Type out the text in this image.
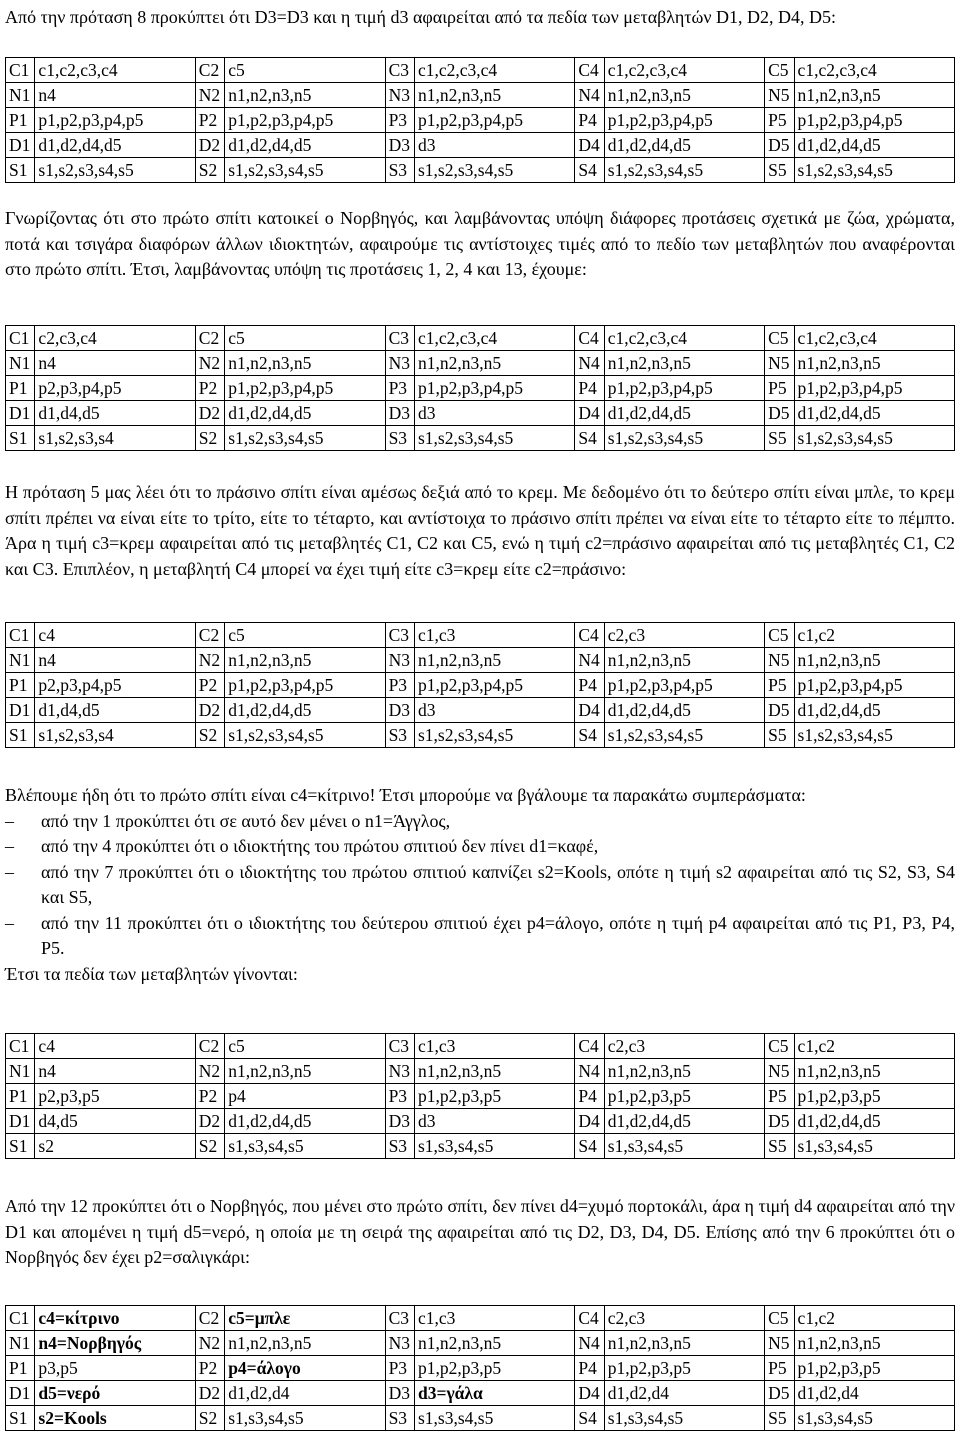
Από την πρόταση 8 προκύπτει ότι D3=D3 και η τιμή d3 αφαιρείται από τα πεδία των μεταβλητών D1, D2, D4, D5:

C1	c1,c2,c3,c4	C2	c5	C3	c1,c2,c3,c4	C4	c1,c2,c3,c4	C5	c1,c2,c3,c4
N1	n4	N2	n1,n2,n3,n5	N3	n1,n2,n3,n5	N4	n1,n2,n3,n5	N5	n1,n2,n3,n5
P1	p1,p2,p3,p4,p5	P2	p1,p2,p3,p4,p5	P3	p1,p2,p3,p4,p5	P4	p1,p2,p3,p4,p5	P5	p1,p2,p3,p4,p5
D1	d1,d2,d4,d5	D2	d1,d2,d4,d5	D3	d3	D4	d1,d2,d4,d5	D5	d1,d2,d4,d5
S1	s1,s2,s3,s4,s5	S2	s1,s2,s3,s4,s5	S3	s1,s2,s3,s4,s5	S4	s1,s2,s3,s4,s5	S5	s1,s2,s3,s4,s5

Γνωρίζοντας ότι στο πρώτο σπίτι κατοικεί ο Νορβηγός, και λαμβάνοντας υπόψη διάφορες προτάσεις σχετικά με ζώα, χρώματα, ποτά και τσιγάρα διαφόρων άλλων ιδιοκτητών, αφαιρούμε τις αντίστοιχες τιμές από το πεδίο των μεταβλητών που αναφέρονται στο πρώτο σπίτι. Έτσι, λαμβάνοντας υπόψη τις προτάσεις 1, 2, 4 και 13, έχουμε:

C1	c2,c3,c4	C2	c5	C3	c1,c2,c3,c4	C4	c1,c2,c3,c4	C5	c1,c2,c3,c4
N1	n4	N2	n1,n2,n3,n5	N3	n1,n2,n3,n5	N4	n1,n2,n3,n5	N5	n1,n2,n3,n5
P1	p2,p3,p4,p5	P2	p1,p2,p3,p4,p5	P3	p1,p2,p3,p4,p5	P4	p1,p2,p3,p4,p5	P5	p1,p2,p3,p4,p5
D1	d1,d4,d5	D2	d1,d2,d4,d5	D3	d3	D4	d1,d2,d4,d5	D5	d1,d2,d4,d5
S1	s1,s2,s3,s4	S2	s1,s2,s3,s4,s5	S3	s1,s2,s3,s4,s5	S4	s1,s2,s3,s4,s5	S5	s1,s2,s3,s4,s5

Η πρόταση 5 μας λέει ότι το πράσινο σπίτι είναι αμέσως δεξιά από το κρεμ. Με δεδομένο ότι το δεύτερο σπίτι είναι μπλε, το κρεμ σπίτι πρέπει να είναι είτε το τρίτο, είτε το τέταρτο, και αντίστοιχα το πράσινο σπίτι πρέπει να είναι είτε το τέταρτο είτε το πέμπτο. Άρα η τιμή c3=κρεμ αφαιρείται από τις μεταβλητές C1, C2 και C5, ενώ η τιμή c2=πράσινο αφαιρείται από τις μεταβλητές C1, C2 και C3. Επιπλέον, η μεταβλητή C4 μπορεί να έχει τιμή είτε c3=κρεμ είτε c2=πράσινο:

C1	c4	C2	c5	C3	c1,c3	C4	c2,c3	C5	c1,c2
N1	n4	N2	n1,n2,n3,n5	N3	n1,n2,n3,n5	N4	n1,n2,n3,n5	N5	n1,n2,n3,n5
P1	p2,p3,p4,p5	P2	p1,p2,p3,p4,p5	P3	p1,p2,p3,p4,p5	P4	p1,p2,p3,p4,p5	P5	p1,p2,p3,p4,p5
D1	d1,d4,d5	D2	d1,d2,d4,d5	D3	d3	D4	d1,d2,d4,d5	D5	d1,d2,d4,d5
S1	s1,s2,s3,s4	S2	s1,s2,s3,s4,s5	S3	s1,s2,s3,s4,s5	S4	s1,s2,s3,s4,s5	S5	s1,s2,s3,s4,s5

Βλέπουμε ήδη ότι το πρώτο σπίτι είναι c4=κίτρινο! Έτσι μπορούμε να βγάλουμε τα παρακάτω συμπεράσματα:

– από την 1 προκύπτει ότι σε αυτό δεν μένει ο n1=Άγγλος,
– από την 4 προκύπτει ότι ο ιδιοκτήτης του πρώτου σπιτιού δεν πίνει d1=καφέ,
– από την 7 προκύπτει ότι ο ιδιοκτήτης του πρώτου σπιτιού καπνίζει s2=Kools, οπότε η τιμή s2 αφαιρείται από τις S2, S3, S4 και S5,
– από την 11 προκύπτει ότι ο ιδιοκτήτης του δεύτερου σπιτιού έχει p4=άλογο, οπότε η τιμή p4 αφαιρείται από τις P1, P3, P4, P5.

Έτσι τα πεδία των μεταβλητών γίνονται:

C1	c4	C2	c5	C3	c1,c3	C4	c2,c3	C5	c1,c2
N1	n4	N2	n1,n2,n3,n5	N3	n1,n2,n3,n5	N4	n1,n2,n3,n5	N5	n1,n2,n3,n5
P1	p2,p3,p5	P2	p4	P3	p1,p2,p3,p5	P4	p1,p2,p3,p5	P5	p1,p2,p3,p5
D1	d4,d5	D2	d1,d2,d4,d5	D3	d3	D4	d1,d2,d4,d5	D5	d1,d2,d4,d5
S1	s2	S2	s1,s3,s4,s5	S3	s1,s3,s4,s5	S4	s1,s3,s4,s5	S5	s1,s3,s4,s5

Από την 12 προκύπτει ότι ο Νορβηγός, που μένει στο πρώτο σπίτι, δεν πίνει d4=χυμό πορτοκάλι, άρα η τιμή d4 αφαιρείται από την D1 και απομένει η τιμή d5=νερό, η οποία με τη σειρά της αφαιρείται από τις D2, D3, D4, D5. Επίσης από την 6 προκύπτει ότι ο Νορβηγός δεν έχει p2=σαλιγκάρι:

C1	c4=κίτρινο	C2	c5=μπλε	C3	c1,c3	C4	c2,c3	C5	c1,c2
N1	n4=Νορβηγός	N2	n1,n2,n3,n5	N3	n1,n2,n3,n5	N4	n1,n2,n3,n5	N5	n1,n2,n3,n5
P1	p3,p5	P2	p4=άλογο	P3	p1,p2,p3,p5	P4	p1,p2,p3,p5	P5	p1,p2,p3,p5
D1	d5=νερό	D2	d1,d2,d4	D3	d3=γάλα	D4	d1,d2,d4	D5	d1,d2,d4
S1	s2=Kools	S2	s1,s3,s4,s5	S3	s1,s3,s4,s5	S4	s1,s3,s4,s5	S5	s1,s3,s4,s5
